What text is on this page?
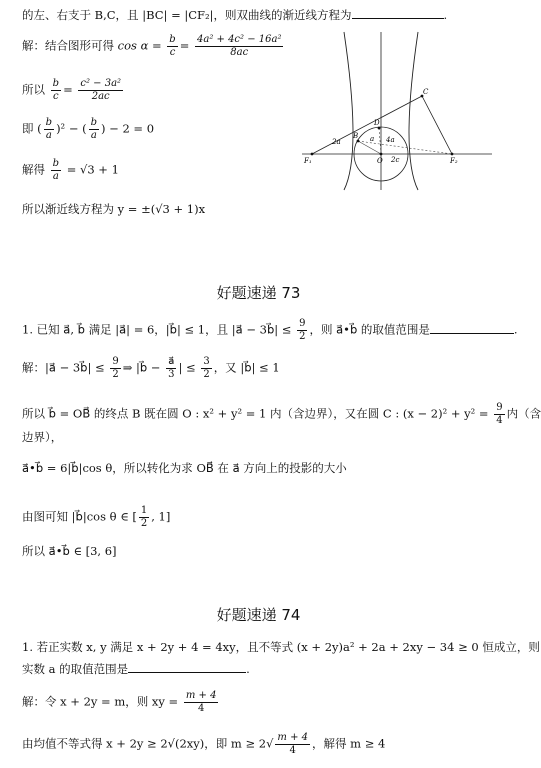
的左、右支于 B,C，且 |BC| = |CF₂|，则双曲线的渐近线方程为	.
解：结合图形可得 $\cos \alpha = \frac{b}{c} = \frac{\text{4a² + 4c² − 16a²}}{8ac}$
所以 $\frac{b}{c} = \frac{\text{c² − 3a²}}{2ac}$
即 ( $\frac{b}{a} )^2$ − ( $\frac{b}{a}$ ) − 2 = 0
解得 $\frac{b}{a} = √3 + 1$
所以渐近线方程为 y = ±(√3 + 1)x
F₁	F₂
O
B
C
D
4a
2c
2a	a
好题速递 73
1. 已知 a⃗, b⃗ 满足 |a⃗| = 6，|b⃗| ≤ 1，且 |a⃗ − 3b⃗| ≤ $\frac{9}{2}$ ，则 a⃗•b⃗ 的取值范围是	.
解：|a⃗ − 3b⃗| ≤ $\frac{9}{2}$ ⇒ |b⃗ − $\frac{a⃗}{3}$ | ≤ $\frac{3}{2}$ ，又 |b⃗| ≤ 1
所以 b⃗ = OB⃗ 的终点 B 既在圆 O : x² + y² = 1 内（含边界），又在圆 C : $(x - 2)^2 + y^2 = \frac{9}{4}$ 内（含
边界），
a⃗•b⃗ = 6|b⃗|cos θ，所以转化为求 OB⃗ 在 a⃗ 方向上的投影的大小
由图可知 |b⃗|cos θ ∈ [ $\frac{1}{2}$ , 1]
所以 a⃗•b⃗ ∈ [3, 6]
好题速递 74
1. 若正实数 x, y 满足 x + 2y + 4 = 4xy，且不等式 (x + 2y)a² + 2a + 2xy − 34 ≥ 0 恒成立，则
实数 a 的取值范围是	.
解：令 x + 2y = m，则 xy = $\frac{m + 4}{4}$
由均值不等式得 x + 2y ≥ 2√(2xy)，即 $m \ge 2√ \frac{m + 4}{4}$ ，解得 m ≥ 4
